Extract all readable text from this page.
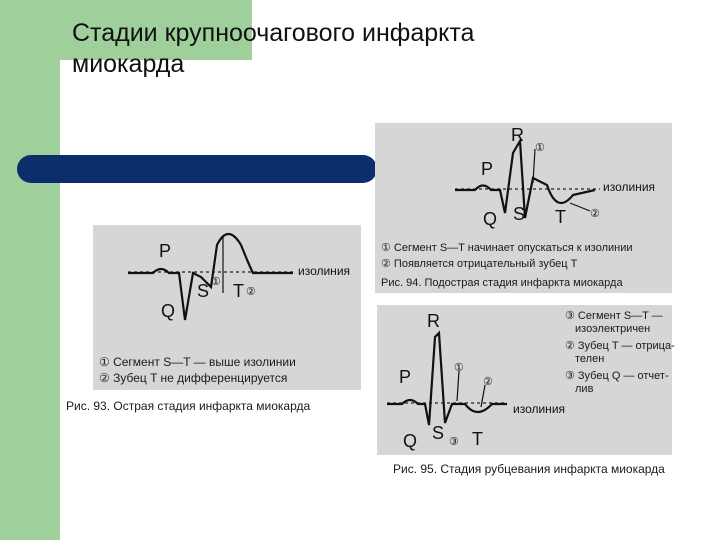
Стадии крупноочагового инфаркта миокарда
P
Q
S ① T ②
изолиния
① Сегмент S—T — выше изолинии
② Зубец T не дифференцируется
Рис. 93. Острая стадия инфаркта миокарда
R
P
Q S T
①
②
изолиния
① Сегмент S—T начинает опускаться к изолинии
② Появляется отрицательный зубец T
Рис. 94. Подострая стадия инфаркта миокарда
R
P
Q S T
①
②
③
изолиния
③ Сегмент S—T —
изоэлектричен
② Зубец T — отрица-
телен
③ Зубец Q — отчет-
лив
Рис. 95. Стадия рубцевания инфаркта миокарда
